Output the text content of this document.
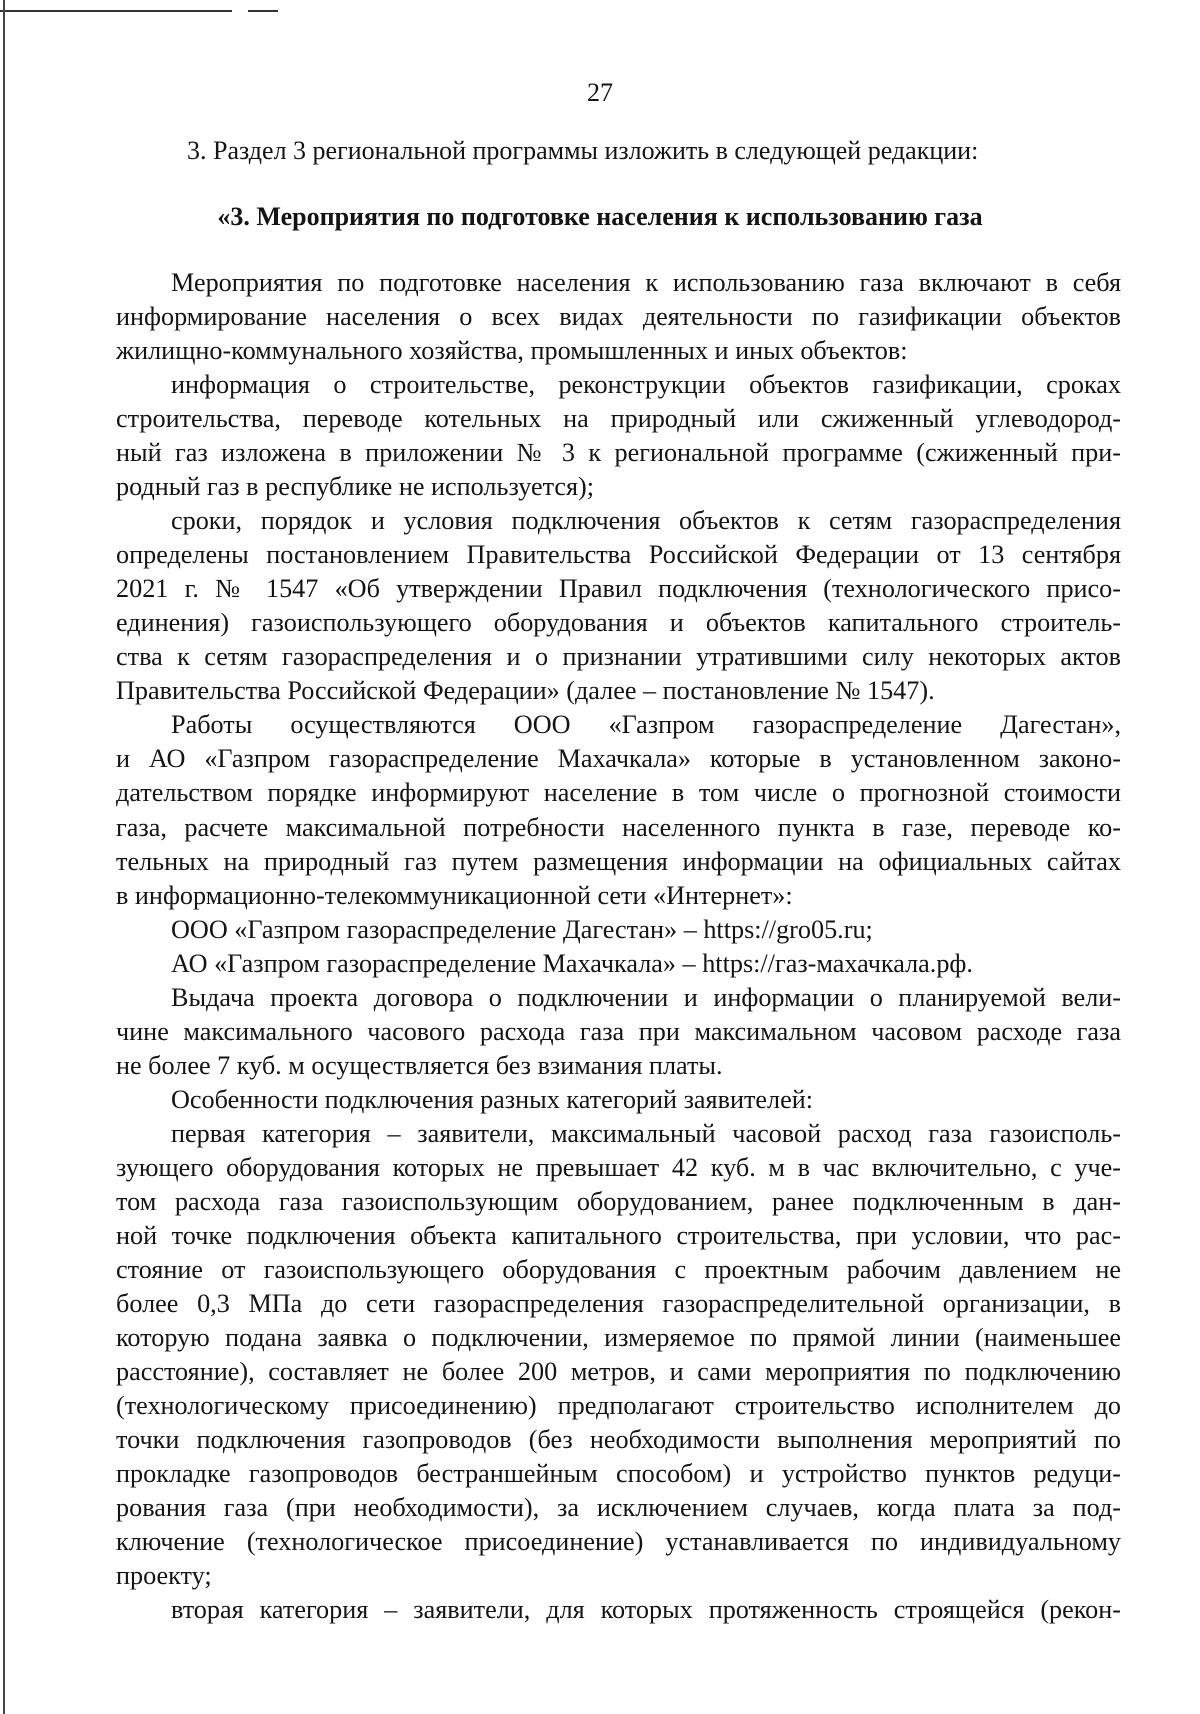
27
3. Раздел 3 региональной программы изложить в следующей редакции:
«3. Мероприятия по подготовке населения к использованию газа
Мероприятия по подготовке населения к использованию газа включают в себя
информирование населения о всех видах деятельности по газификации объектов
жилищно-коммунального хозяйства, промышленных и иных объектов:
информация о строительстве, реконструкции объектов газификации, сроках
строительства, переводе котельных на природный или сжиженный углеводород-
ный газ изложена в приложении № 3 к региональной программе (сжиженный при-
родный газ в республике не используется);
сроки, порядок и условия подключения объектов к сетям газораспределения
определены постановлением Правительства Российской Федерации от 13 сентября
2021 г. № 1547 «Об утверждении Правил подключения (технологического присо-
единения) газоиспользующего оборудования и объектов капитального строитель-
ства к сетям газораспределения и о признании утратившими силу некоторых актов
Правительства Российской Федерации» (далее – постановление № 1547).
Работы осуществляются ООО «Газпром газораспределение Дагестан»,
и АО «Газпром газораспределение Махачкала» которые в установленном законо-
дательством порядке информируют население в том числе о прогнозной стоимости
газа, расчете максимальной потребности населенного пункта в газе, переводе ко-
тельных на природный газ путем размещения информации на официальных сайтах
в информационно-телекоммуникационной сети «Интернет»:
ООО «Газпром газораспределение Дагестан» – https://gro05.ru;
АО «Газпром газораспределение Махачкала» – https://газ-махачкала.рф.
Выдача проекта договора о подключении и информации о планируемой вели-
чине максимального часового расхода газа при максимальном часовом расходе газа
не более 7 куб. м осуществляется без взимания платы.
Особенности подключения разных категорий заявителей:
первая категория – заявители, максимальный часовой расход газа газоисполь-
зующего оборудования которых не превышает 42 куб. м в час включительно, с уче-
том расхода газа газоиспользующим оборудованием, ранее подключенным в дан-
ной точке подключения объекта капитального строительства, при условии, что рас-
стояние от газоиспользующего оборудования с проектным рабочим давлением не
более 0,3 МПа до сети газораспределения газораспределительной организации, в
которую подана заявка о подключении, измеряемое по прямой линии (наименьшее
расстояние), составляет не более 200 метров, и сами мероприятия по подключению
(технологическому присоединению) предполагают строительство исполнителем до
точки подключения газопроводов (без необходимости выполнения мероприятий по
прокладке газопроводов бестраншейным способом) и устройство пунктов редуци-
рования газа (при необходимости), за исключением случаев, когда плата за под-
ключение (технологическое присоединение) устанавливается по индивидуальному
проекту;
вторая категория – заявители, для которых протяженность строящейся (рекон-
